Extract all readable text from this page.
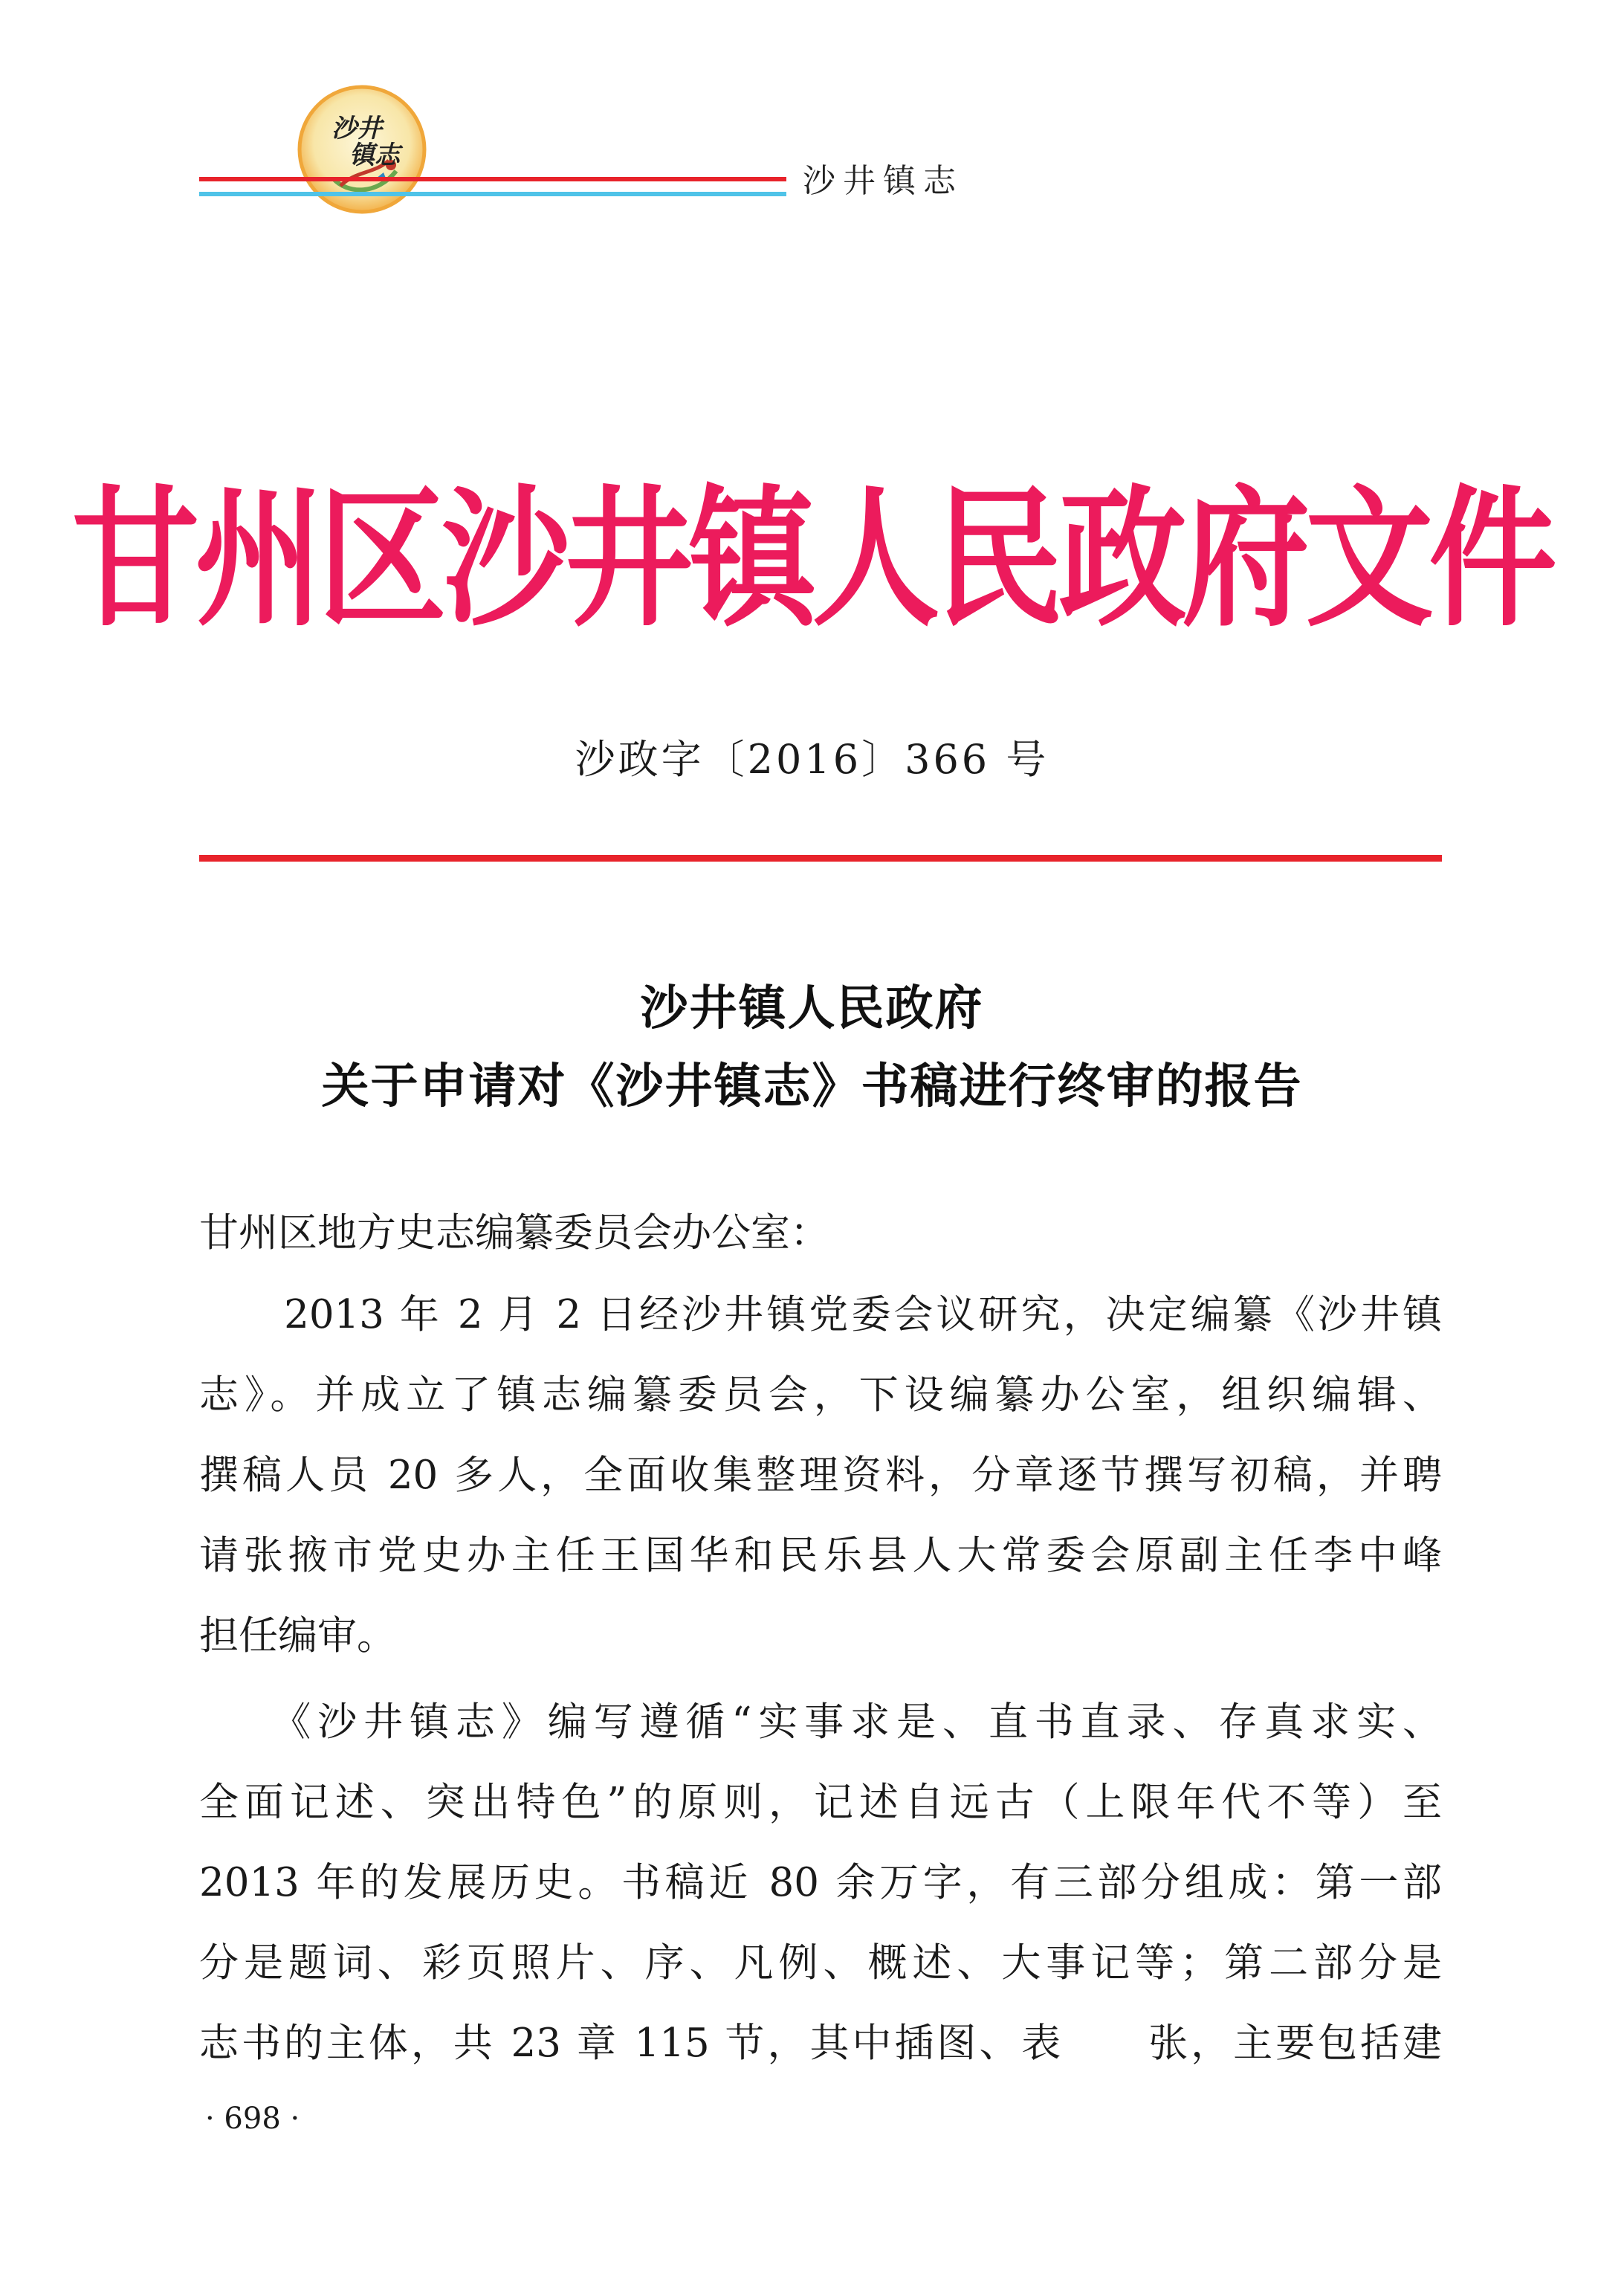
沙井
镇志
沙井镇志
甘州区沙井镇人民政府文件
沙政字〔2016〕366 号
沙井镇人民政府
关于申请对《沙井镇志》书稿进行终审的报告
甘州区地方史志编纂委员会办公室：
　　2013 年 2 月 2 日经沙井镇党委会议研究，决定编纂《沙井镇
志》。并成立了镇志编纂委员会，下设编纂办公室，组织编辑、
撰稿人员 20 多人，全面收集整理资料，分章逐节撰写初稿，并聘
请张掖市党史办主任王国华和民乐县人大常委会原副主任李中峰
担任编审。
　　《沙井镇志》编写遵循“实事求是、直书直录、存真求实、
全面记述、突出特色”的原则，记述自远古（上限年代不等）至
2013 年的发展历史。书稿近 80 余万字，有三部分组成：第一部
分是题词、彩页照片、序、凡例、概述、大事记等；第二部分是
志书的主体，共 23 章 115 节，其中插图、表　　张，主要包括建
· 698 ·
